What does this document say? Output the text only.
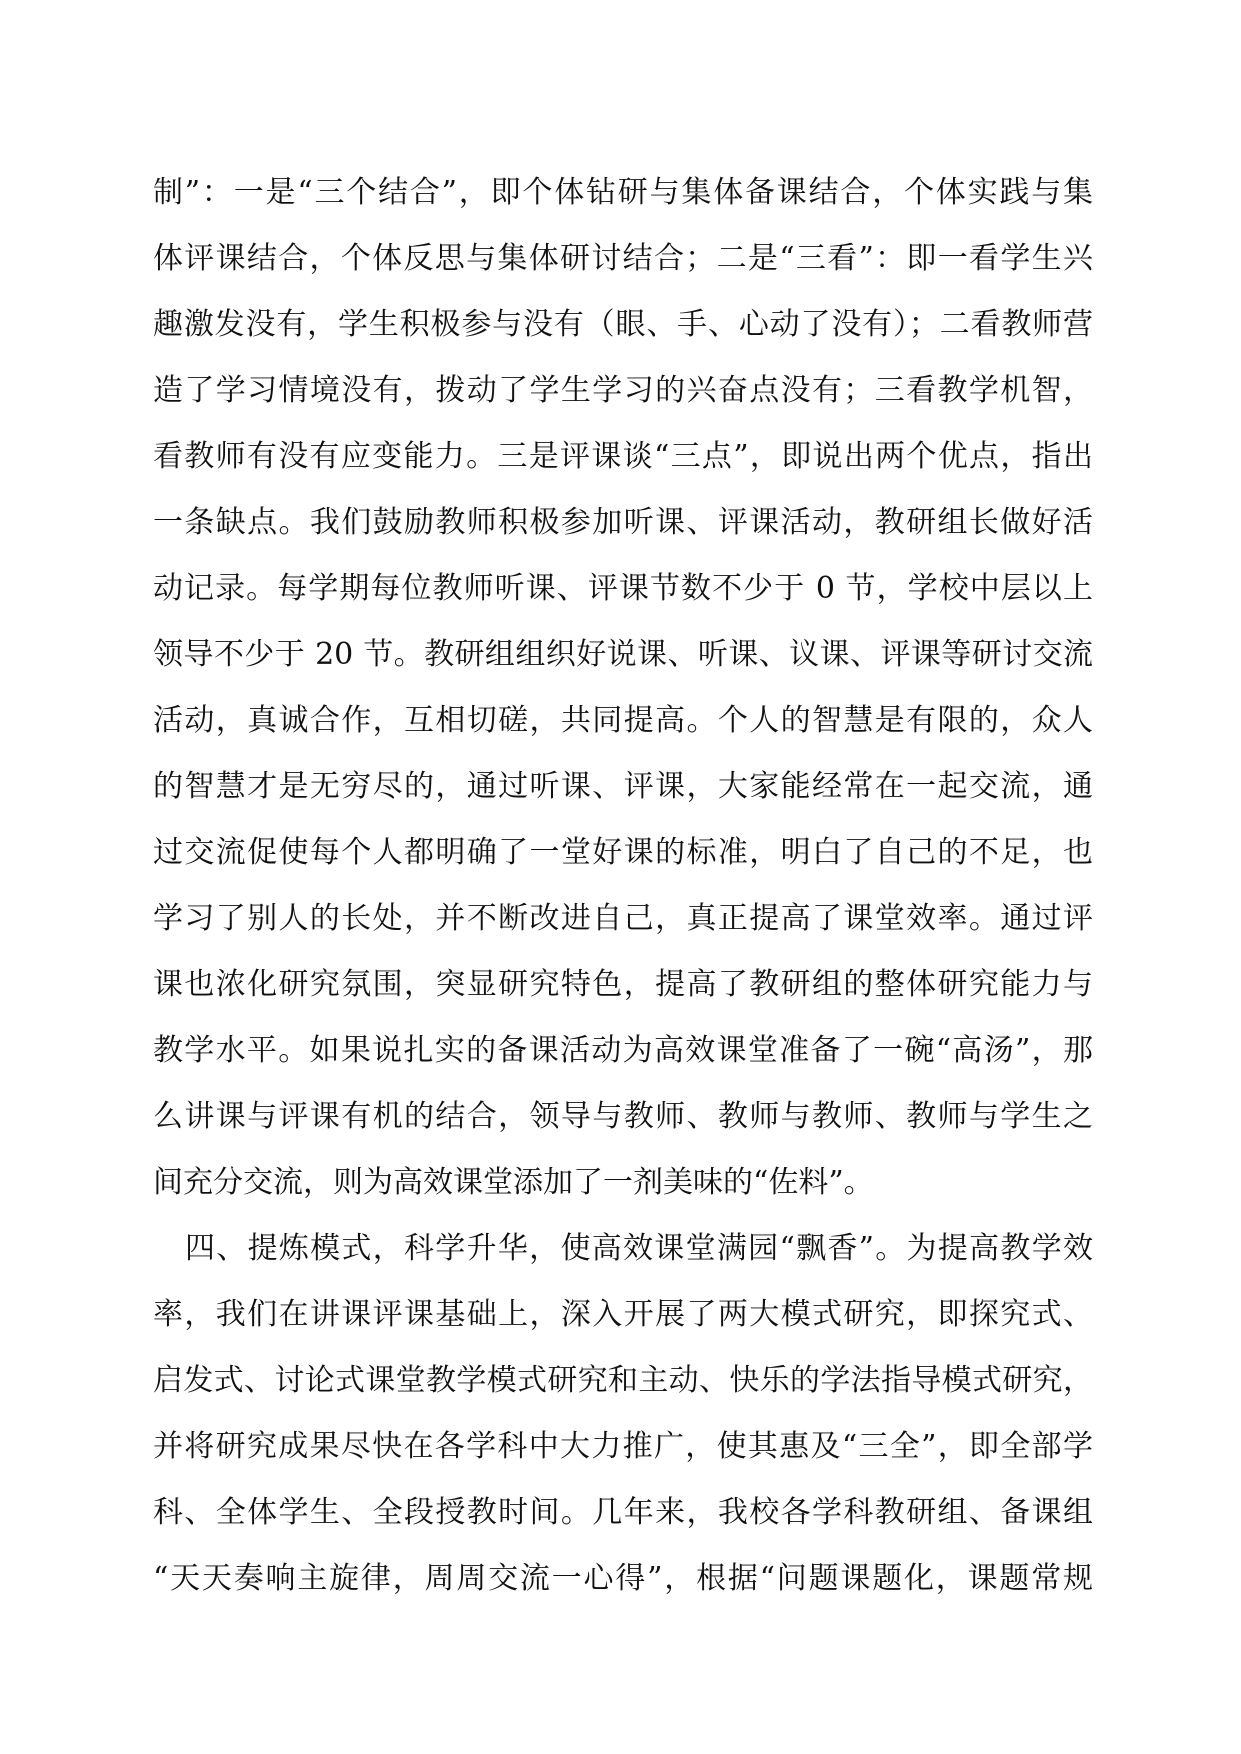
制”：一是“三个结合”，即个体钻研与集体备课结合，个体实践与集
体评课结合，个体反思与集体研讨结合；二是“三看”：即一看学生兴
趣激发没有，学生积极参与没有（眼、手、心动了没有）；二看教师营
造了学习情境没有，拨动了学生学习的兴奋点没有；三看教学机智，
看教师有没有应变能力。三是评课谈“三点”，即说出两个优点，指出
一条缺点。我们鼓励教师积极参加听课、评课活动，教研组长做好活
动记录。每学期每位教师听课、评课节数不少于 0 节，学校中层以上
领导不少于 20 节。教研组组织好说课、听课、议课、评课等研讨交流
活动，真诚合作，互相切磋，共同提高。个人的智慧是有限的，众人
的智慧才是无穷尽的，通过听课、评课，大家能经常在一起交流，通
过交流促使每个人都明确了一堂好课的标准，明白了自己的不足，也
学习了别人的长处，并不断改进自己，真正提高了课堂效率。通过评
课也浓化研究氛围，突显研究特色，提高了教研组的整体研究能力与
教学水平。如果说扎实的备课活动为高效课堂准备了一碗“高汤”，那
么讲课与评课有机的结合，领导与教师、教师与教师、教师与学生之
间充分交流，则为高效课堂添加了一剂美味的“佐料”。
四、提炼模式，科学升华，使高效课堂满园“飘香”。为提高教学效
率，我们在讲课评课基础上，深入开展了两大模式研究，即探究式、
启发式、讨论式课堂教学模式研究和主动、快乐的学法指导模式研究，
并将研究成果尽快在各学科中大力推广，使其惠及“三全”，即全部学
科、全体学生、全段授教时间。几年来，我校各学科教研组、备课组
“天天奏响主旋律，周周交流一心得”，根据“问题课题化，课题常规
